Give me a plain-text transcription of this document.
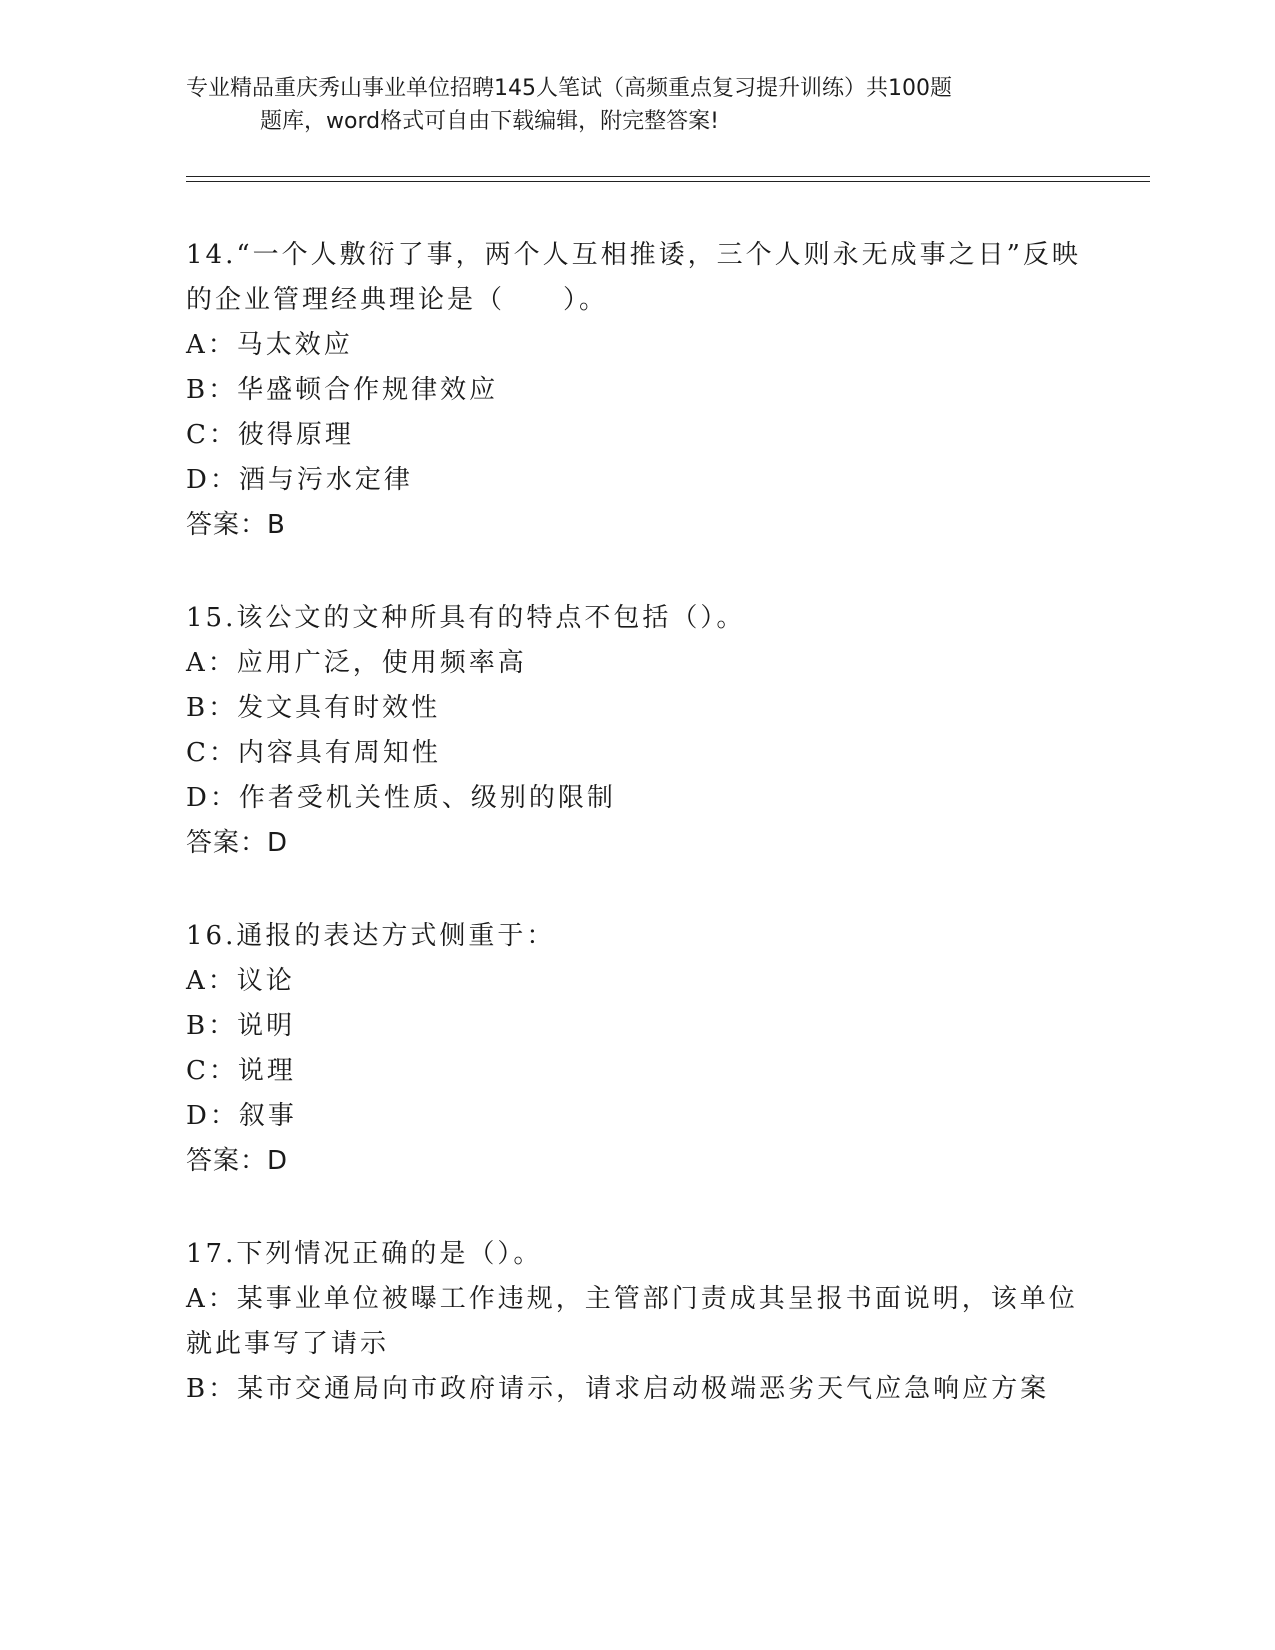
专业精品重庆秀山事业单位招聘145人笔试（高频重点复习提升训练）共100题
题库，word格式可自由下载编辑，附完整答案!

14.“一个人敷衍了事，两个人互相推诿，三个人则永无成事之日”反映的企业管理经典理论是（　　）。

A：马太效应

B：华盛顿合作规律效应

C：彼得原理

D：酒与污水定律

答案：B

15.该公文的文种所具有的特点不包括（）。

A：应用广泛，使用频率高

B：发文具有时效性

C：内容具有周知性

D：作者受机关性质、级别的限制

答案：D

16.通报的表达方式侧重于：

A：议论

B：说明

C：说理

D：叙事

答案：D

17.下列情况正确的是（）。

A：某事业单位被曝工作违规，主管部门责成其呈报书面说明，该单位就此事写了请示

B：某市交通局向市政府请示，请求启动极端恶劣天气应急响应方案
